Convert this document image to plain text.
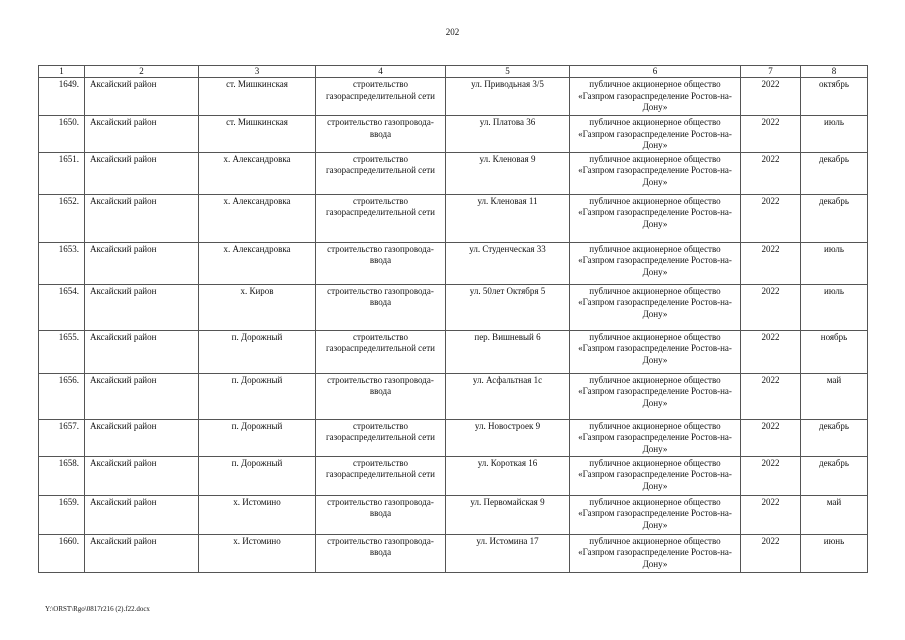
202
1	2	3	4	5	6	7	8
1649.	Аксайский район	ст. Мишкинская	строительство газораспределительной сети	ул. Приводьная 3/5	публичное акционерное общество «Газпром газораспределение Ростов-на-Дону»	2022	октябрь
1650.	Аксайский район	ст. Мишкинская	строительство газопровода-ввода	ул. Платова 36	публичное акционерное общество «Газпром газораспределение Ростов-на-Дону»	2022	июль
1651.	Аксайский район	х. Александровка	строительство газораспределительной сети	ул. Кленовая 9	публичное акционерное общество «Газпром газораспределение Ростов-на-Дону»	2022	декабрь
1652.	Аксайский район	х. Александровка	строительство газораспределительной сети	ул. Кленовая 11	публичное акционерное общество «Газпром газораспределение Ростов-на-Дону»	2022	декабрь
1653.	Аксайский район	х. Александровка	строительство газопровода-ввода	ул. Студенческая 33	публичное акционерное общество «Газпром газораспределение Ростов-на-Дону»	2022	июль
1654.	Аксайский район	х. Киров	строительство газопровода-ввода	ул. 50лет Октября 5	публичное акционерное общество «Газпром газораспределение Ростов-на-Дону»	2022	июль
1655.	Аксайский район	п. Дорожный	строительство газораспределительной сети	пер. Вишневый 6	публичное акционерное общество «Газпром газораспределение Ростов-на-Дону»	2022	ноябрь
1656.	Аксайский район	п. Дорожный	строительство газопровода-ввода	ул. Асфальтная 1с	публичное акционерное общество «Газпром газораспределение Ростов-на-Дону»	2022	май
1657.	Аксайский район	п. Дорожный	строительство газораспределительной сети	ул. Новостроек 9	публичное акционерное общество «Газпром газораспределение Ростов-на-Дону»	2022	декабрь
1658.	Аксайский район	п. Дорожный	строительство газораспределительной сети	ул. Короткая 16	публичное акционерное общество «Газпром газораспределение Ростов-на-Дону»	2022	декабрь
1659.	Аксайский район	х. Истомино	строительство газопровода-ввода	ул. Первомайская 9	публичное акционерное общество «Газпром газораспределение Ростов-на-Дону»	2022	май
1660.	Аксайский район	х. Истомино	строительство газопровода-ввода	ул. Истомина 17	публичное акционерное общество «Газпром газораспределение Ростов-на-Дону»	2022	июнь
Y:\ORST\Rgo\0817r216 (2).f22.docx
